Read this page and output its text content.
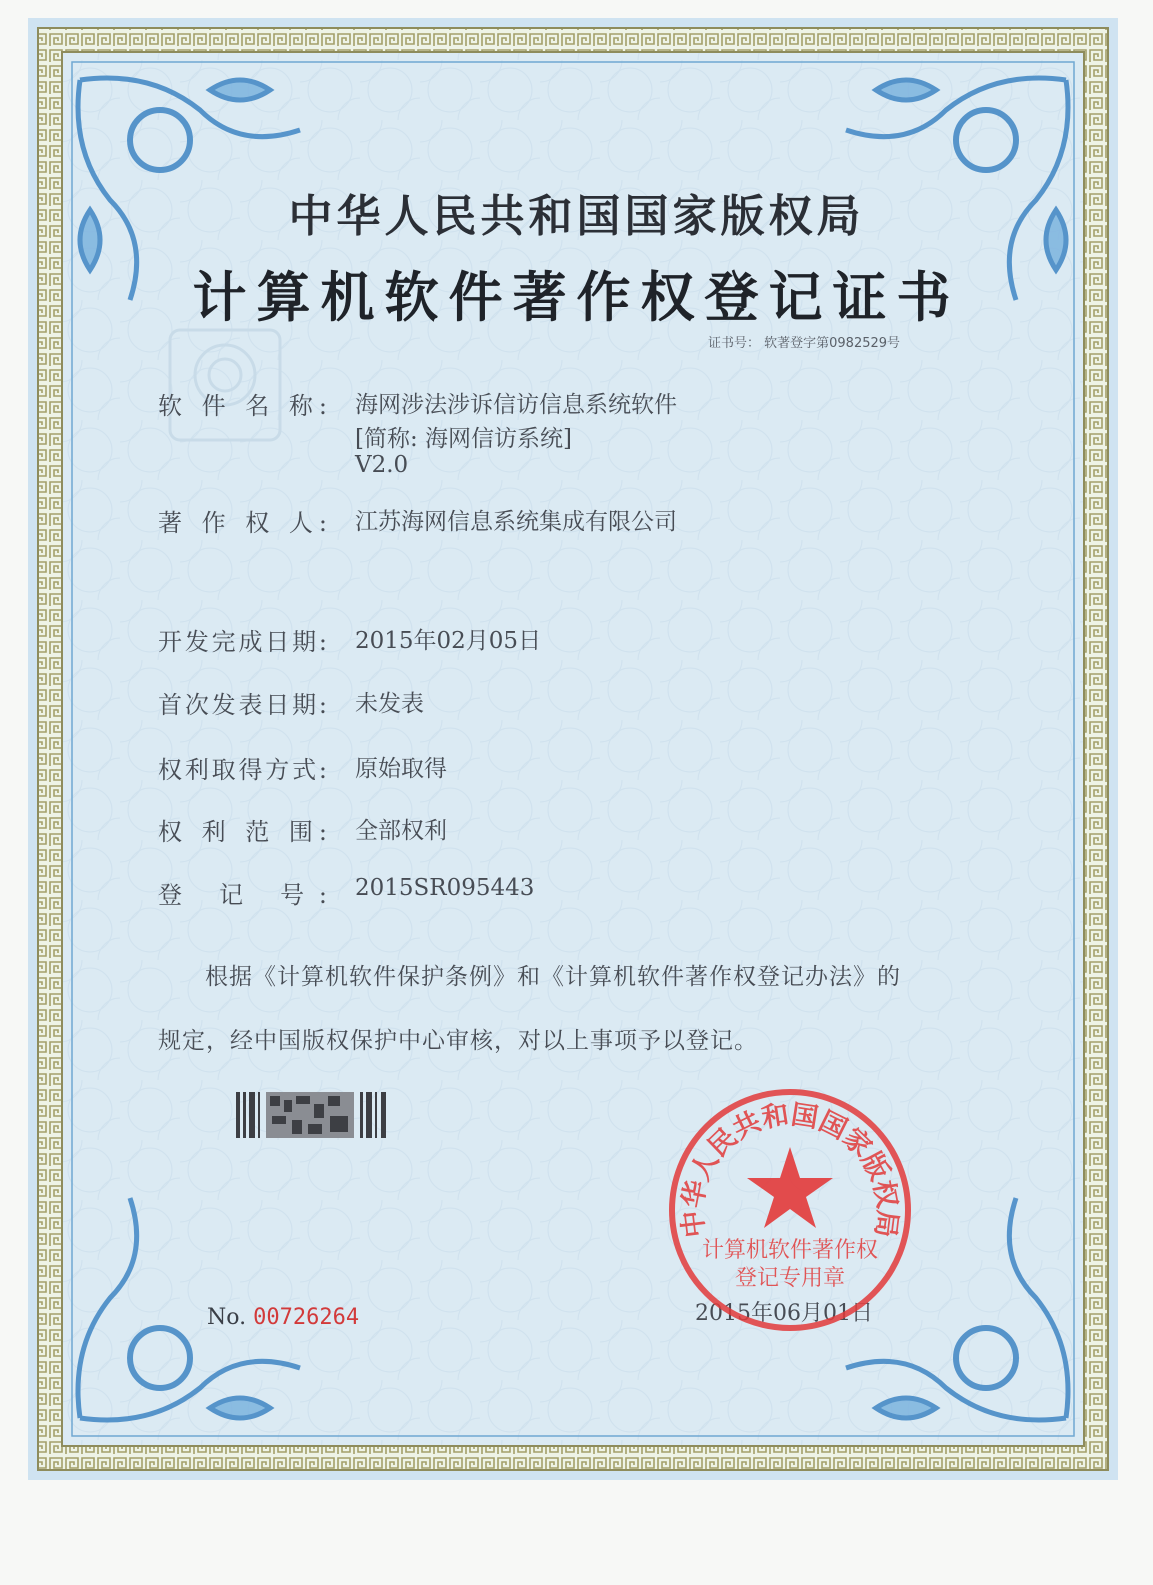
中华人民共和国国家版权局
计算机软件著作权登记证书
证书号： 软著登字第0982529号
软 件 名 称: 海网涉法涉诉信访信息系统软件
[简称: 海网信访系统]
V2.0
著 作 权 人: 江苏海网信息系统集成有限公司
开发完成日期: 2015年02月05日
首次发表日期: 未发表
权利取得方式: 原始取得
权 利 范 围: 全部权利
登 记 号: 2015SR095443
根据《计算机软件保护条例》和《计算机软件著作权登记办法》的
规定，经中国版权保护中心审核，对以上事项予以登记。
No. 00726264	2015年06月01日
中华人民共和国国家版权局
计算机软件著作权
登记专用章
